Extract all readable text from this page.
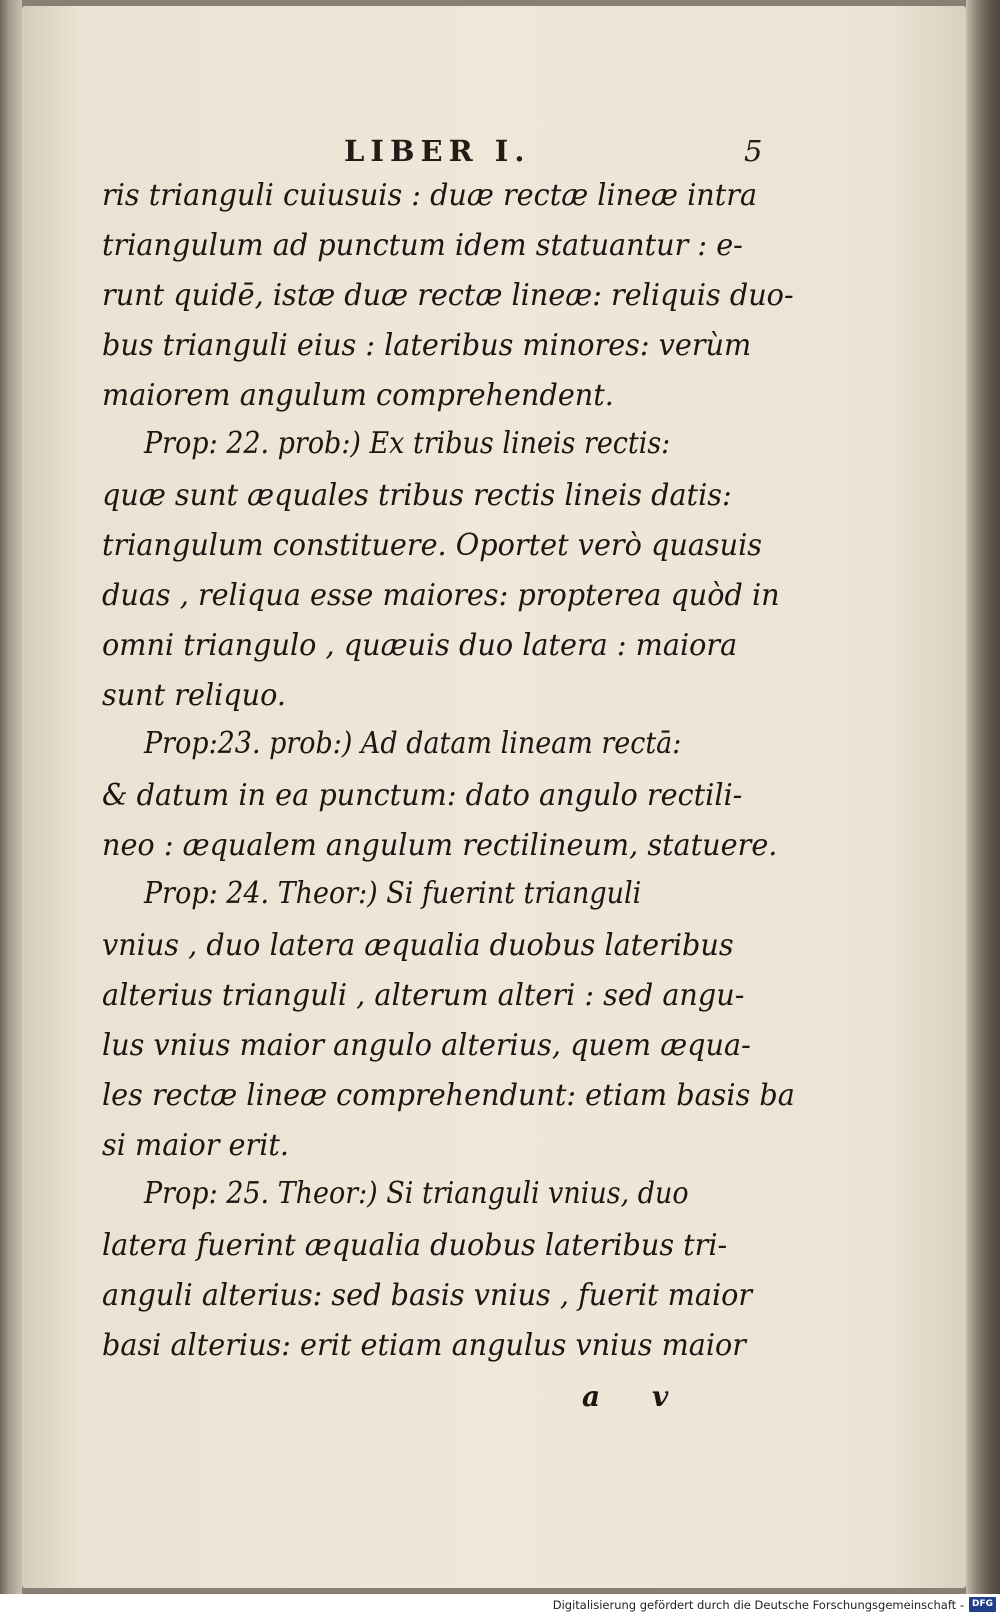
LIBER I.	5
ris trianguli cuiusuis : duæ rectæ lineæ intra
triangulum ad punctum idem statuantur : e-
runt quidē, istæ duæ rectæ lineæ: reliquis duo-
bus trianguli eius : lateribus minores: verùm
maiorem angulum comprehendent.
Prop: 22. prob:) Ex tribus lineis rectis:
quæ sunt æquales tribus rectis lineis datis:
triangulum constituere. Oportet verò quasuis
duas , reliqua esse maiores: propterea quòd in
omni triangulo , quæuis duo latera : maiora
sunt reliquo.
Prop:23. prob:) Ad datam lineam rectā:
& datum in ea punctum: dato angulo rectili-
neo : æqualem angulum rectilineum, statuere.
Prop: 24. Theor:) Si fuerint trianguli
vnius , duo latera æqualia duobus lateribus
alterius trianguli , alterum alteri : sed angu-
lus vnius maior angulo alterius, quem æqua-
les rectæ lineæ comprehendunt: etiam basis ba
si maior erit.
Prop: 25. Theor:) Si trianguli vnius, duo
latera fuerint æqualia duobus lateribus tri-
anguli alterius: sed basis vnius , fuerit maior
basi alterius: erit etiam angulus vnius maior
a v
Digitalisierung gefördert durch die Deutsche Forschungsgemeinschaft - DFG
